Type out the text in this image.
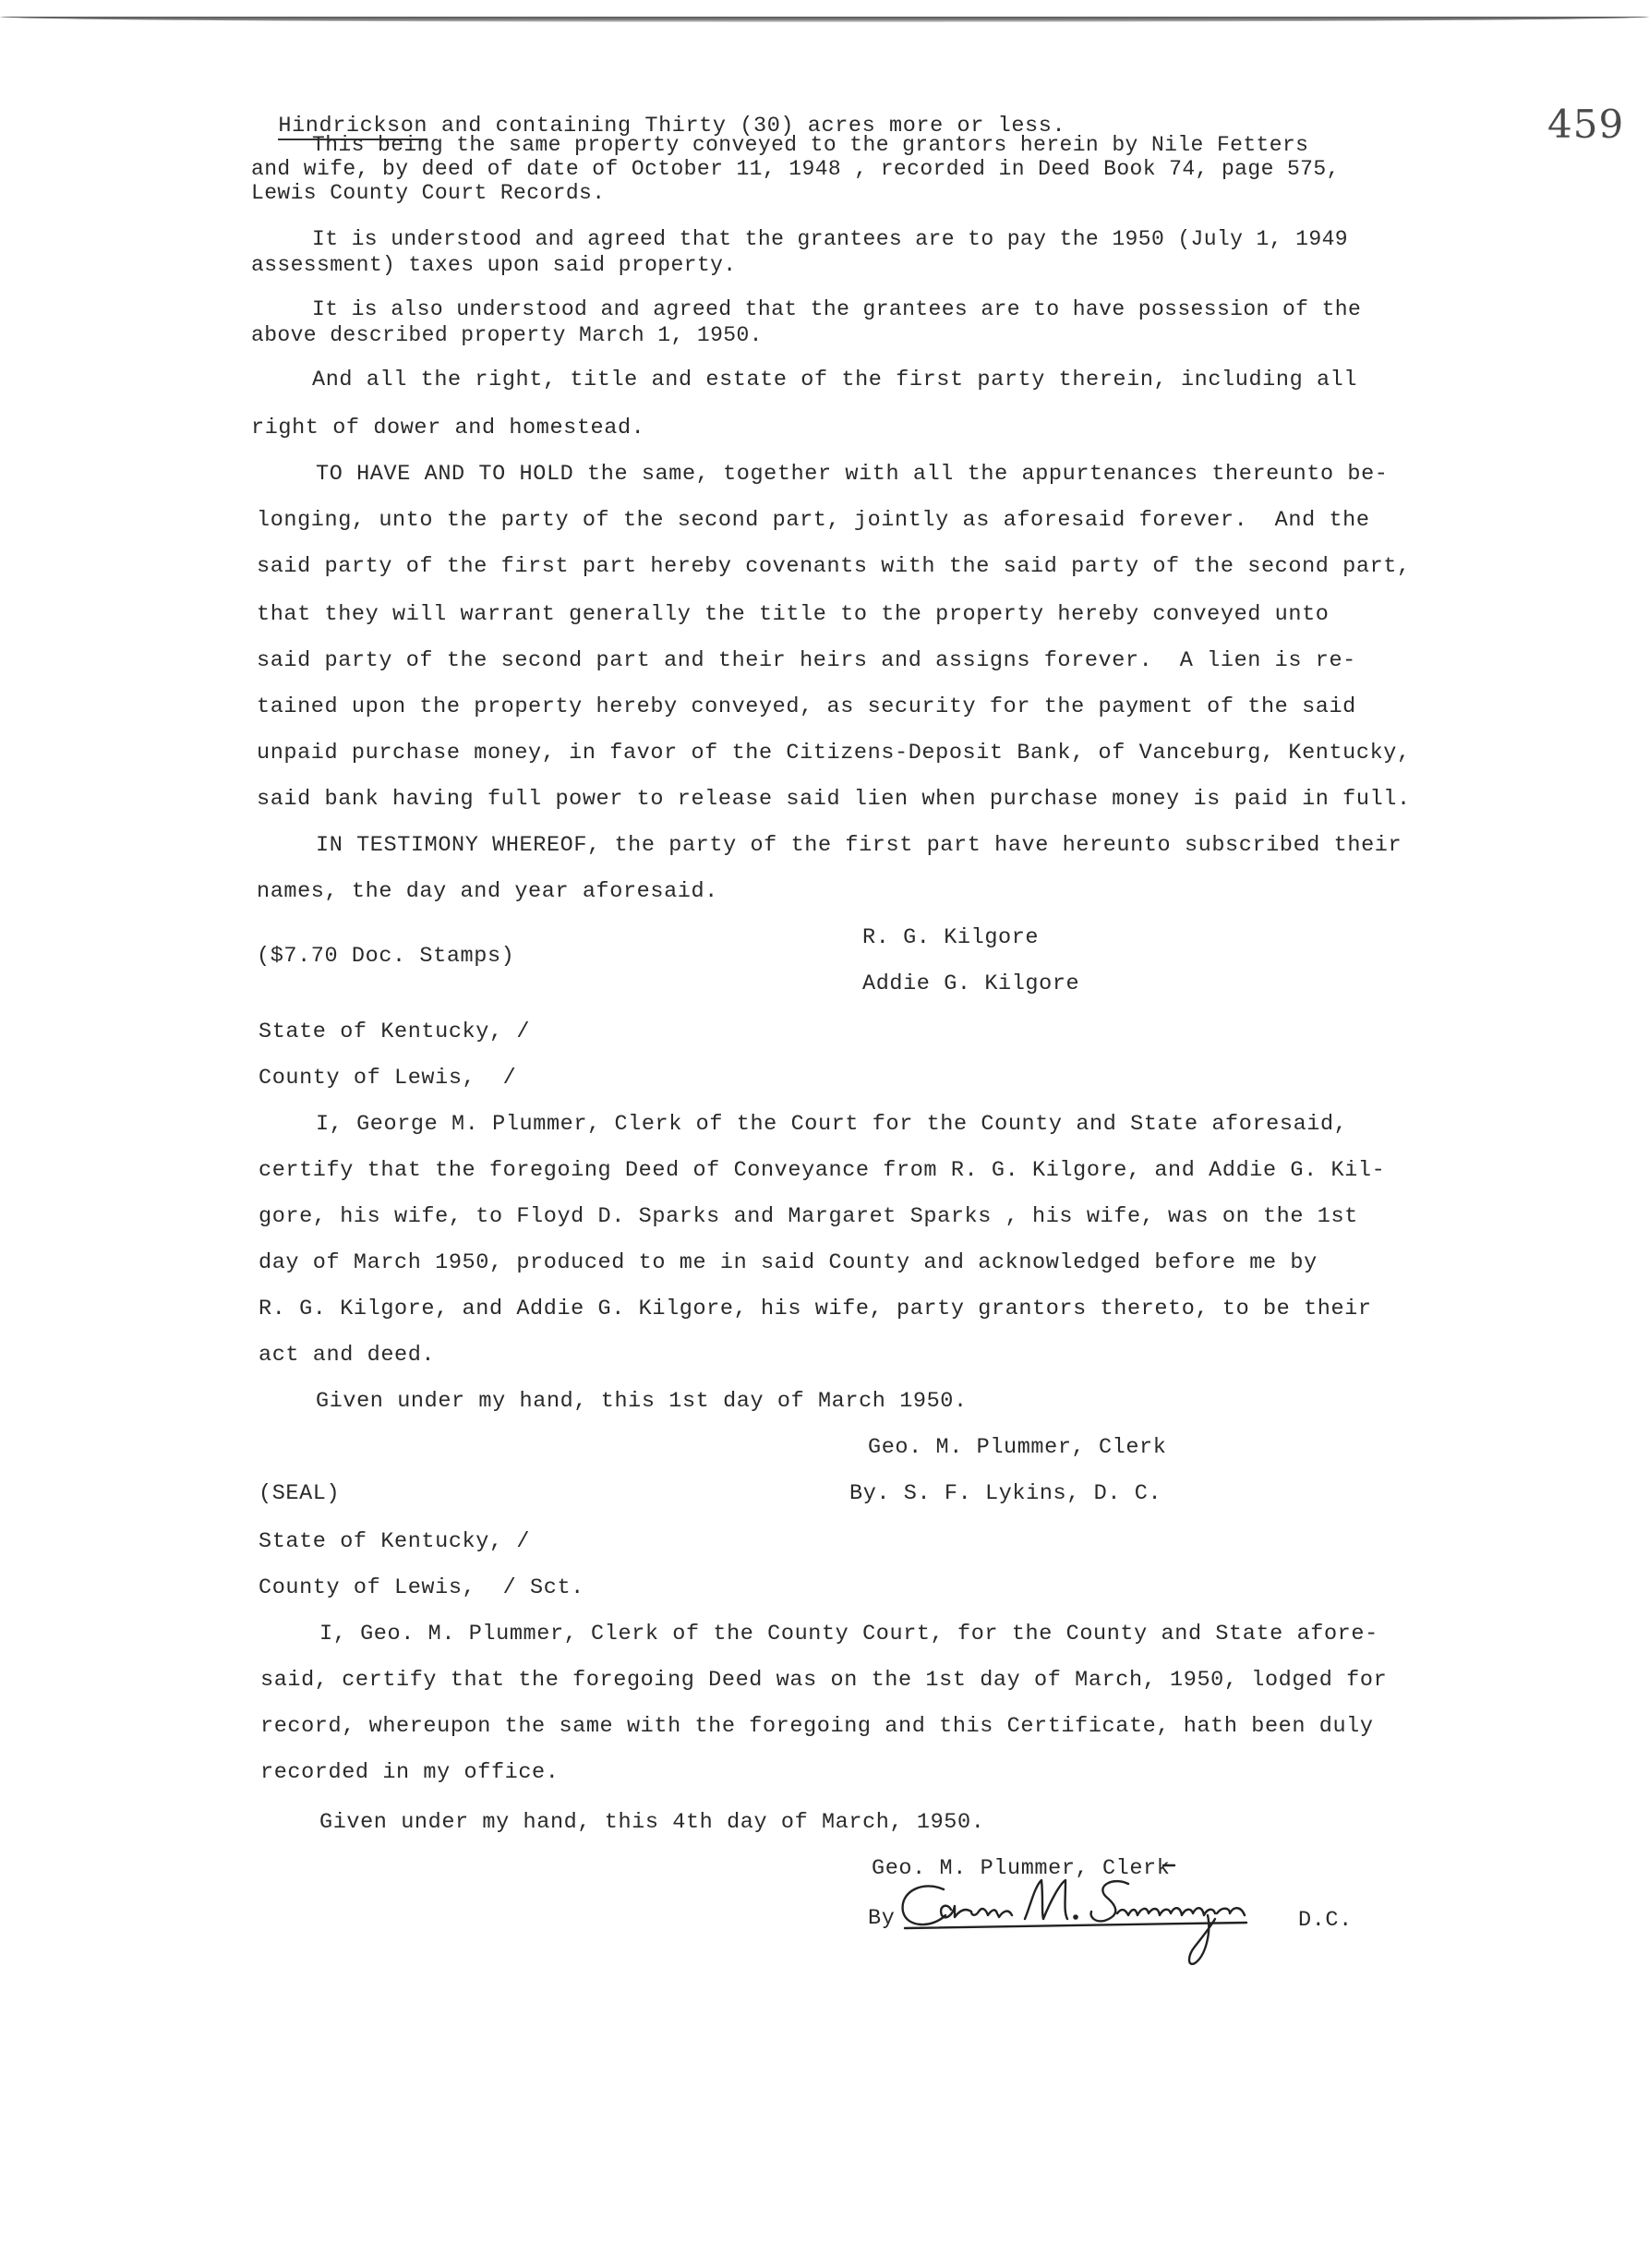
459

Hindrickson and containing Thirty (30) acres more or less.

This being the same property conveyed to the grantors herein by Nile Fetters
and wife, by deed of date of October 11, 1948 , recorded in Deed Book 74, page 575,
Lewis County Court Records.
It is understood and agreed that the grantees are to pay the 1950 (July 1, 1949
assessment) taxes upon said property.
It is also understood and agreed that the grantees are to have possession of the
above described property March 1, 1950.
And all the right, title and estate of the first party therein, including all
right of dower and homestead.
TO HAVE AND TO HOLD the same, together with all the appurtenances thereunto be-
longing, unto the party of the second part, jointly as aforesaid forever.  And the
said party of the first part hereby covenants with the said party of the second part,
that they will warrant generally the title to the property hereby conveyed unto
said party of the second part and their heirs and assigns forever.  A lien is re-
tained upon the property hereby conveyed, as security for the payment of the said
unpaid purchase money, in favor of the Citizens-Deposit Bank, of Vanceburg, Kentucky,
said bank having full power to release said lien when purchase money is paid in full.
IN TESTIMONY WHEREOF, the party of the first part have hereunto subscribed their
names, the day and year aforesaid.
($7.70 Doc. Stamps)
R. G. Kilgore
Addie G. Kilgore
State of Kentucky, /
County of Lewis,  /
I, George M. Plummer, Clerk of the Court for the County and State aforesaid,
certify that the foregoing Deed of Conveyance from R. G. Kilgore, and Addie G. Kil-
gore, his wife, to Floyd D. Sparks and Margaret Sparks , his wife, was on the 1st
day of March 1950, produced to me in said County and acknowledged before me by
R. G. Kilgore, and Addie G. Kilgore, his wife, party grantors thereto, to be their
act and deed.
Given under my hand, this 1st day of March 1950.
Geo. M. Plummer, Clerk
(SEAL)	By. S. F. Lykins, D. C.
State of Kentucky, /
County of Lewis,  / Sct.
I, Geo. M. Plummer, Clerk of the County Court, for the County and State afore-
said, certify that the foregoing Deed was on the 1st day of March, 1950, lodged for
record, whereupon the same with the foregoing and this Certificate, hath been duly
recorded in my office.
Given under my hand, this 4th day of March, 1950.
Geo. M. Plummer, Clerk
By	D.C.
